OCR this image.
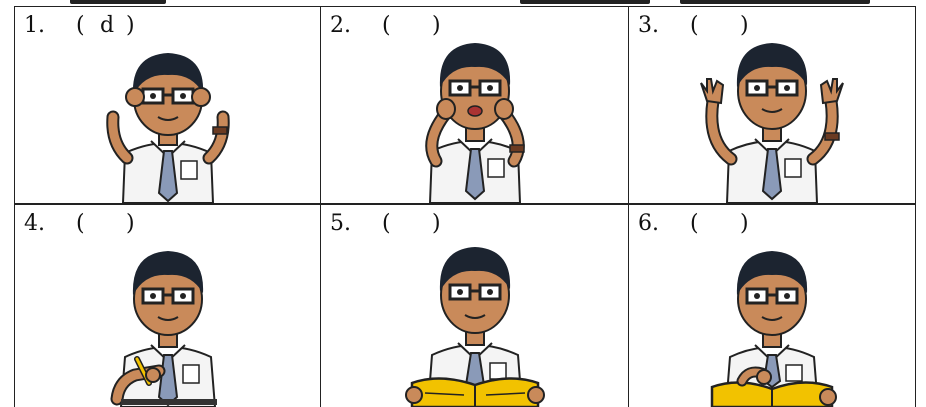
1.	( d )	2.	( )	3.	( )
4.	( )	5.	( )	6.	( )
